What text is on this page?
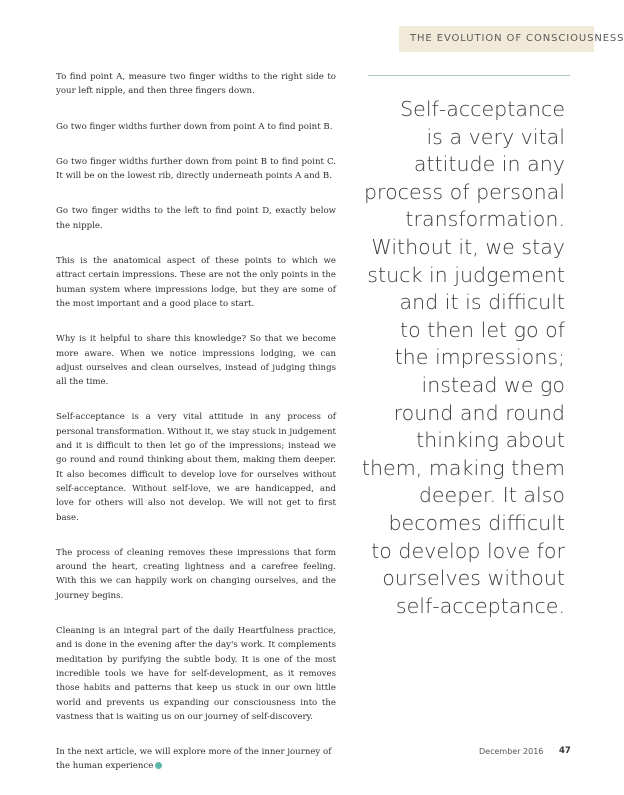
THE EVOLUTION OF CONSCIOUSNESS

To find point A, measure two finger widths to the right side to your left nipple, and then three fingers down.

Go two finger widths further down from point A to find point B.

Go two finger widths further down from point B to find point C. It will be on the lowest rib, directly underneath points A and B.

Go two finger widths to the left to find point D, exactly below the nipple.

This is the anatomical aspect of these points to which we attract certain impressions. These are not the only points in the human system where impressions lodge, but they are some of the most important and a good place to start.

Why is it helpful to share this knowledge? So that we become more aware. When we notice impressions lodging, we can adjust ourselves and clean ourselves, instead of judging things all the time.

Self-acceptance is a very vital attitude in any process of personal transformation. Without it, we stay stuck in judgement and it is difficult to then let go of the impressions; instead we go round and round thinking about them, making them deeper. It also becomes difficult to develop love for ourselves without self-acceptance. Without self-love, we are handicapped, and love for others will also not develop. We will not get to first base.

The process of cleaning removes these impressions that form around the heart, creating lightness and a carefree feeling. With this we can happily work on changing ourselves, and the journey begins.

Cleaning is an integral part of the daily Heartfulness practice, and is done in the evening after the day's work. It complements meditation by purifying the subtle body. It is one of the most incredible tools we have for self-development, as it removes those habits and patterns that keep us stuck in our own little world and prevents us expanding our consciousness into the vastness that is waiting us on our journey of self-discovery.

In the next article, we will explore more of the inner journey of the human experience

Self-acceptance
is a very vital
attitude in any
process of personal
transformation.
Without it, we stay
stuck in judgement
and it is difficult
to then let go of
the impressions;
instead we go
round and round
thinking about
them, making them
deeper. It also
becomes difficult
to develop love for
ourselves without
self-acceptance.
December 2016 47
